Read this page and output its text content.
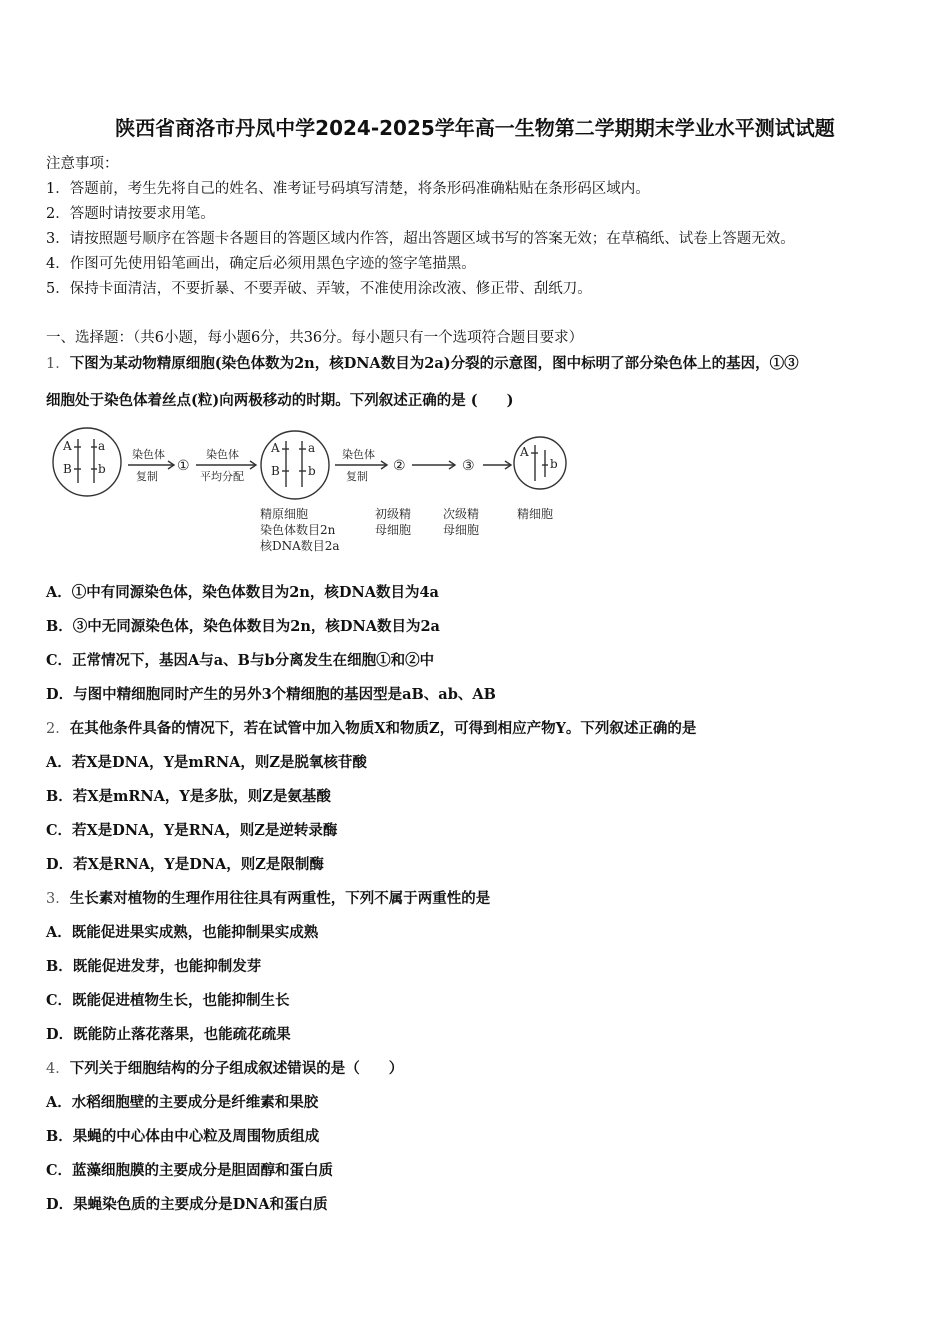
陕西省商洛市丹凤中学2024-2025学年高一生物第二学期期末学业水平测试试题
注意事项：
1．答题前，考生先将自己的姓名、准考证号码填写清楚，将条形码准确粘贴在条形码区域内。
2．答题时请按要求用笔。
3．请按照题号顺序在答题卡各题目的答题区域内作答，超出答题区域书写的答案无效；在草稿纸、试卷上答题无效。
4．作图可先使用铅笔画出，确定后必须用黑色字迹的签字笔描黑。
5．保持卡面清洁，不要折暴、不要弄破、弄皱，不准使用涂改液、修正带、刮纸刀。
一、选择题：（共6小题，每小题6分，共36分。每小题只有一个选项符合题目要求）
1．下图为某动物精原细胞(染色体数为2n，核DNA数目为2a)分裂的示意图，图中标明了部分染色体上的基因，①③
细胞处于染色体着丝点(粒)向两极移动的时期。下列叙述正确的是 (　　)
A a
B b
A a
B b
A
b
染色体
复制
①
染色体
平均分配
染色体
复制
②	③
精原细胞
染色体数目2n
核DNA数目2a
初级精
母细胞
次级精
母细胞
精细胞
A．①中有同源染色体，染色体数目为2n，核DNA数目为4a
B．③中无同源染色体，染色体数目为2n，核DNA数目为2a
C．正常情况下，基因A与a、B与b分离发生在细胞①和②中
D．与图中精细胞同时产生的另外3个精细胞的基因型是aB、ab、AB
2．在其他条件具备的情况下，若在试管中加入物质X和物质Z，可得到相应产物Y。下列叙述正确的是
A．若X是DNA，Y是mRNA，则Z是脱氧核苷酸
B．若X是mRNA，Y是多肽，则Z是氨基酸
C．若X是DNA，Y是RNA，则Z是逆转录酶
D．若X是RNA，Y是DNA，则Z是限制酶
3．生长素对植物的生理作用往往具有两重性，下列不属于两重性的是
A．既能促进果实成熟，也能抑制果实成熟
B．既能促进发芽，也能抑制发芽
C．既能促进植物生长，也能抑制生长
D．既能防止落花落果，也能疏花疏果
4．下列关于细胞结构的分子组成叙述错误的是（　　）
A．水稻细胞壁的主要成分是纤维素和果胶
B．果蝇的中心体由中心粒及周围物质组成
C．蓝藻细胞膜的主要成分是胆固醇和蛋白质
D．果蝇染色质的主要成分是DNA和蛋白质
